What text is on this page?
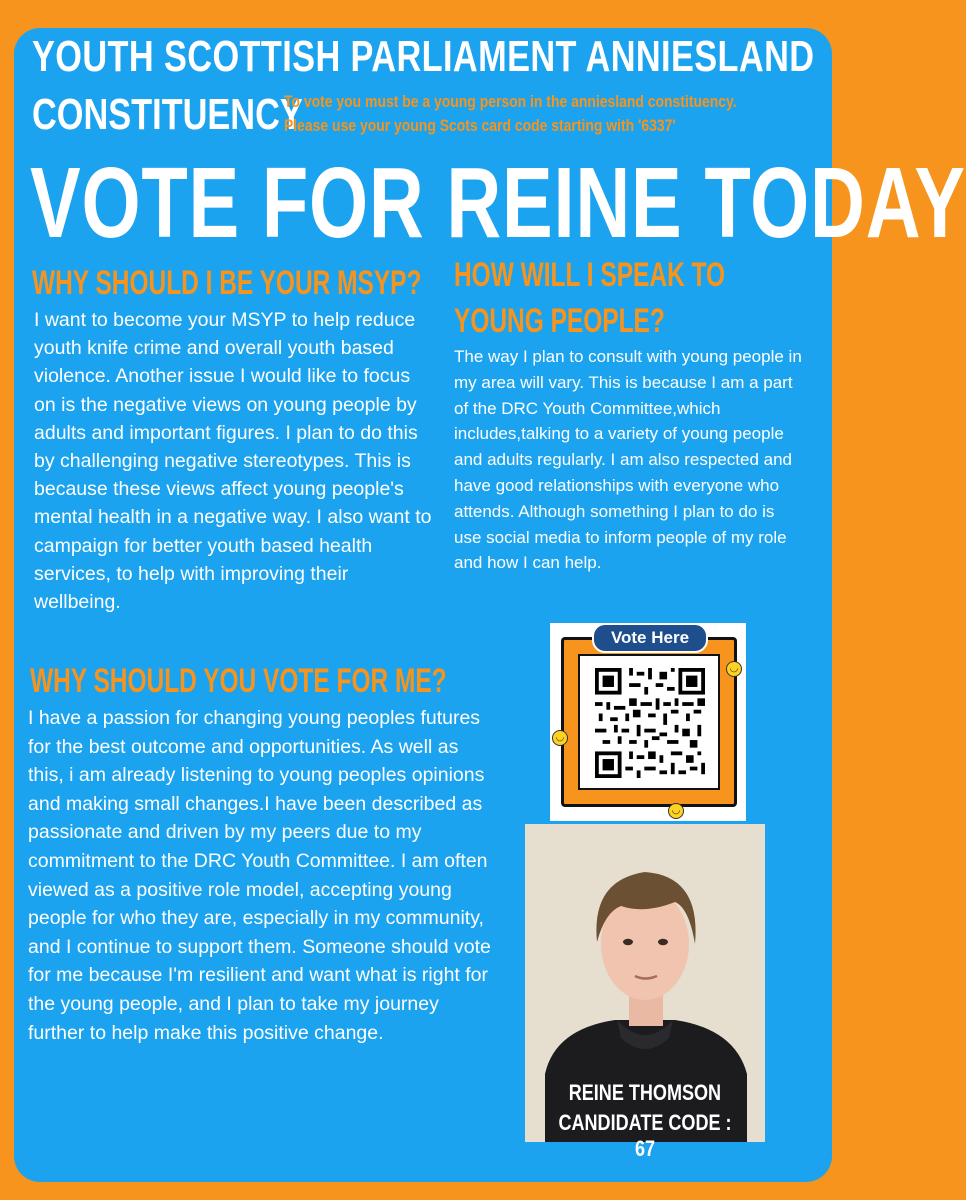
YOUTH SCOTTISH PARLIAMENT ANNIESLAND
CONSTITUENCY
To vote you must be a young person in the anniesland constituency.
Please use your young Scots card code starting with '6337'
VOTE FOR REINE TODAY
WHY SHOULD I BE YOUR MSYP?
I want to become your MSYP to help reduce youth knife crime and overall youth based violence. Another issue I would like to focus on is the negative views on young people by adults and important figures. I plan to do this by challenging negative stereotypes. This is because these views affect young people's mental health in a negative way. I also want to campaign for better youth based health services, to help with improving their wellbeing.
HOW WILL I SPEAK TO
YOUNG PEOPLE?
The way I plan to consult with young people in my area will vary. This is because I am a part of the DRC Youth Committee,which includes,talking to a variety of young people and adults regularly. I am also respected and have good relationships with everyone who attends. Although something I plan to do is use social media to inform people of my role and how I can help.
WHY SHOULD YOU VOTE FOR ME?
I have a passion for changing young peoples futures for the best outcome and opportunities. As well as this, i am already listening to young peoples opinions and making small changes.I have been described as passionate and driven by my peers due to my commitment to the DRC Youth Committee. I am often viewed as a positive role model, accepting young people for who they are, especially in my community, and I continue to support them. Someone should vote for me because I'm resilient and want what is right for the young people, and I plan to take my journey further to help make this positive change.
Vote Here
◡
◡
◡
REINE THOMSON
CANDIDATE CODE : 67
